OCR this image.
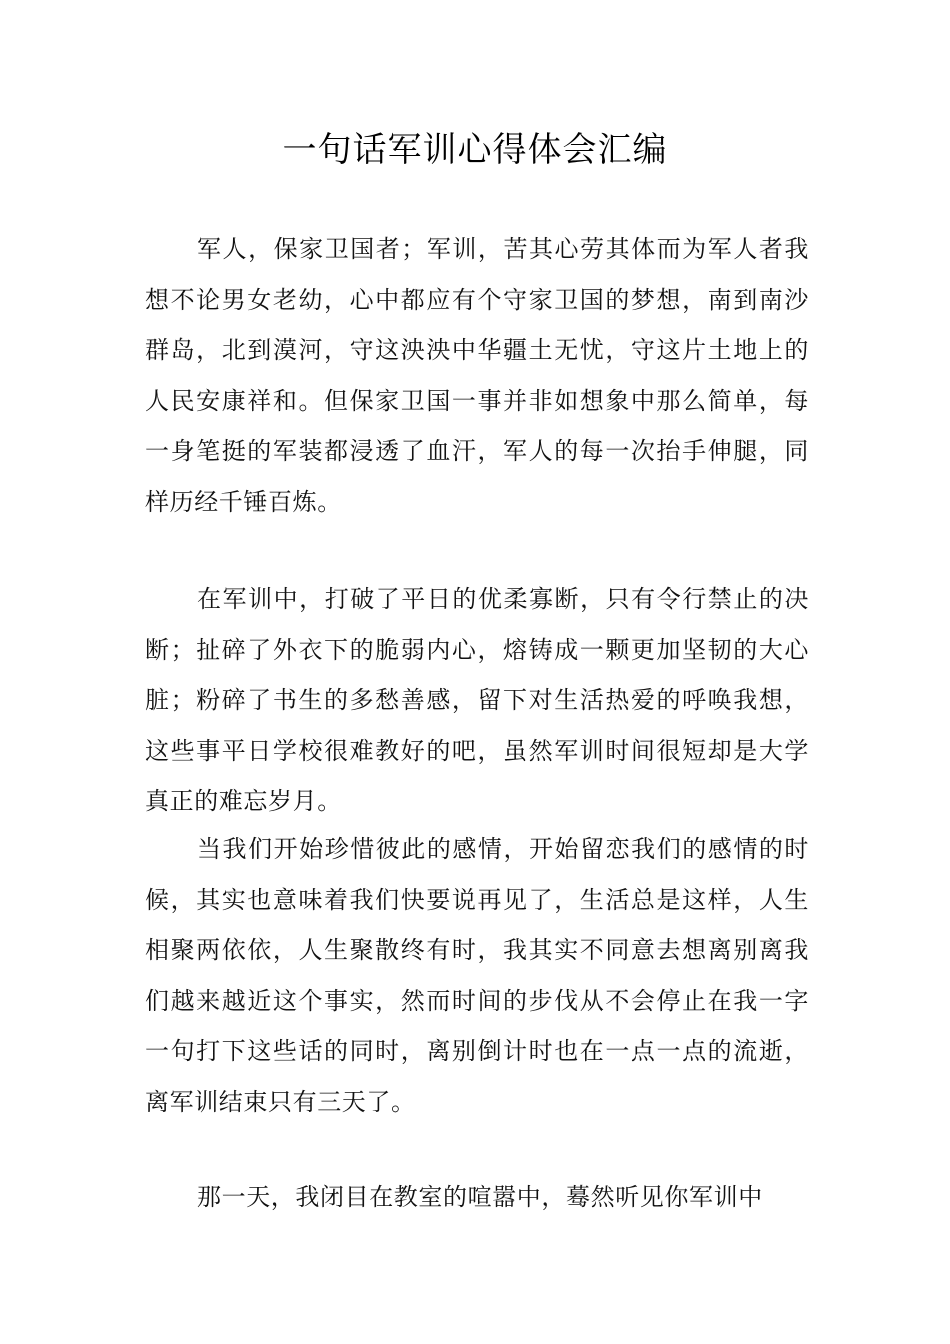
一句话军训心得体会汇编

军人，保家卫国者；军训，苦其心劳其体而为军人者我想不论男女老幼，心中都应有个守家卫国的梦想，南到南沙群岛，北到漠河，守这泱泱中华疆土无忧，守这片土地上的人民安康祥和。但保家卫国一事并非如想象中那么简单，每一身笔挺的军装都浸透了血汗，军人的每一次抬手伸腿，同样历经千锤百炼。

在军训中，打破了平日的优柔寡断，只有令行禁止的决断；扯碎了外衣下的脆弱内心，熔铸成一颗更加坚韧的大心脏；粉碎了书生的多愁善感，留下对生活热爱的呼唤我想，这些事平日学校很难教好的吧，虽然军训时间很短却是大学真正的难忘岁月。

当我们开始珍惜彼此的感情，开始留恋我们的感情的时候，其实也意味着我们快要说再见了，生活总是这样，人生相聚两依依，人生聚散终有时，我其实不同意去想离别离我们越来越近这个事实，然而时间的步伐从不会停止在我一字一句打下这些话的同时，离别倒计时也在一点一点的流逝，离军训结束只有三天了。

那一天，我闭目在教室的喧嚣中，蓦然听见你军训中
